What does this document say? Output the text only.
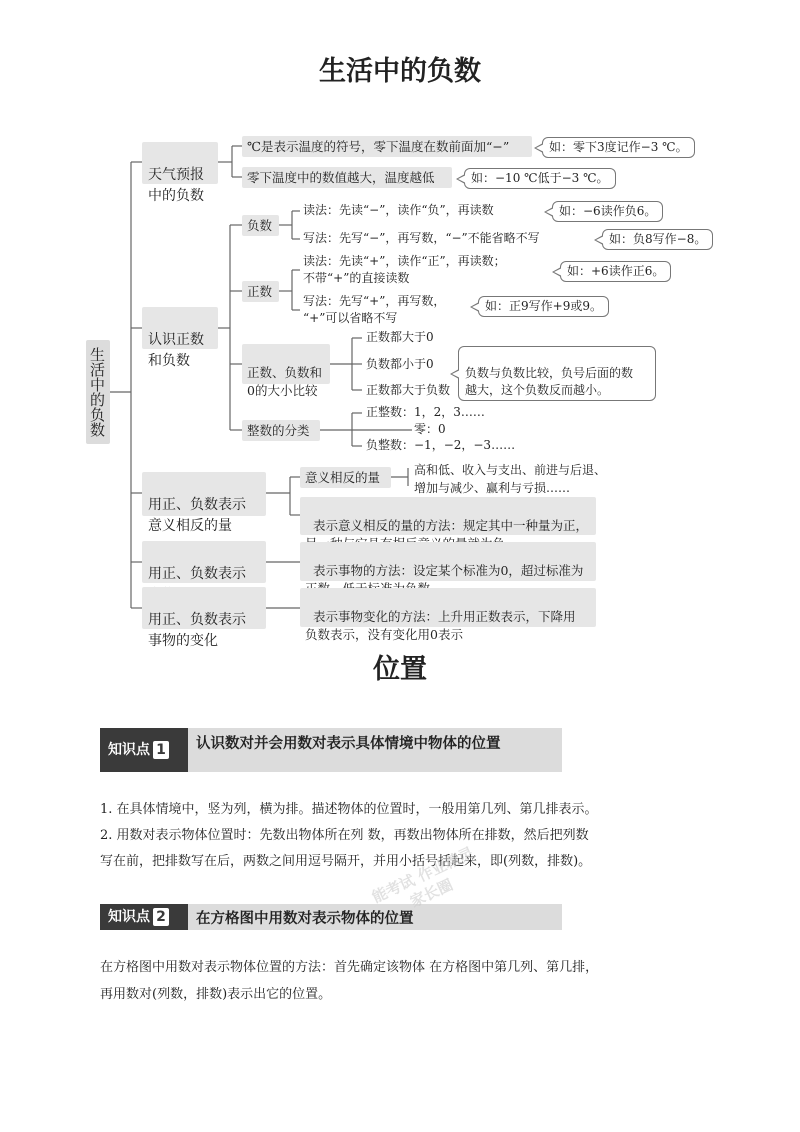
生活中的负数
生活中的负数

天气预报
中的负数

认识正数
和负数

用正、负数表示
意义相反的量

用正、负数表示

用正、负数表示
事物的变化

℃是表示温度的符号，零下温度在数前面加“−”	如：零下3度记作−3 ℃。
零下温度中的数值越大，温度越低	如：−10 ℃低于−3 ℃。
负数
正数

正数、负数和
0的大小比较

整数的分类
读法：先读“−”，读作“负”，再读数	如：−6读作负6。
写法：先写“−”，再写数，“−”不能省略不写	如：负8写作−8。
读法：先读“+”，读作“正”，再读数；
不带“+”的直接读数	如：+6读作正6。
写法：先写“+”，再写数，
“+”可以省略不写
如：正9写作+9或9。
正数都大于0
负数都小于0

负数与负数比较，负号后面的数
越大，这个负数反而越小。

正数都大于负数
正整数：1，2，3……
零：0
负整数：−1，−2，−3……
意义相反的量	高和低、收入与支出、前进与后退、
增加与减少、赢利与亏损……

表示意义相反的量的方法：规定其中一种量为正，

表示事物的方法：设定某个标准为0，超过标准为

表示事物变化的方法：上升用正数表示，下降用
负数表示，没有变化用0表示

位置
知识点 1	认识数对并会用数对表示具体情境中物体的位置
1. 在具体情境中，竖为列，横为排。描述物体的位置时，一般用第几列、第几排表示。
2. 用数对表示物体位置时：先数出物体所在列 数，再数出物体所在排数，然后把列数
写在前，把排数写在后，两数之间用逗号隔开，并用小括号括起来，即(列数，排数)。
知识点 2	在方格图中用数对表示物体的位置
在方格图中用数对表示物体位置的方法：首先确定该物体 在方格图中第几列、第几排，
再用数对(列数，排数)表示出它的位置。
能考试 作业精灵 家长圈
